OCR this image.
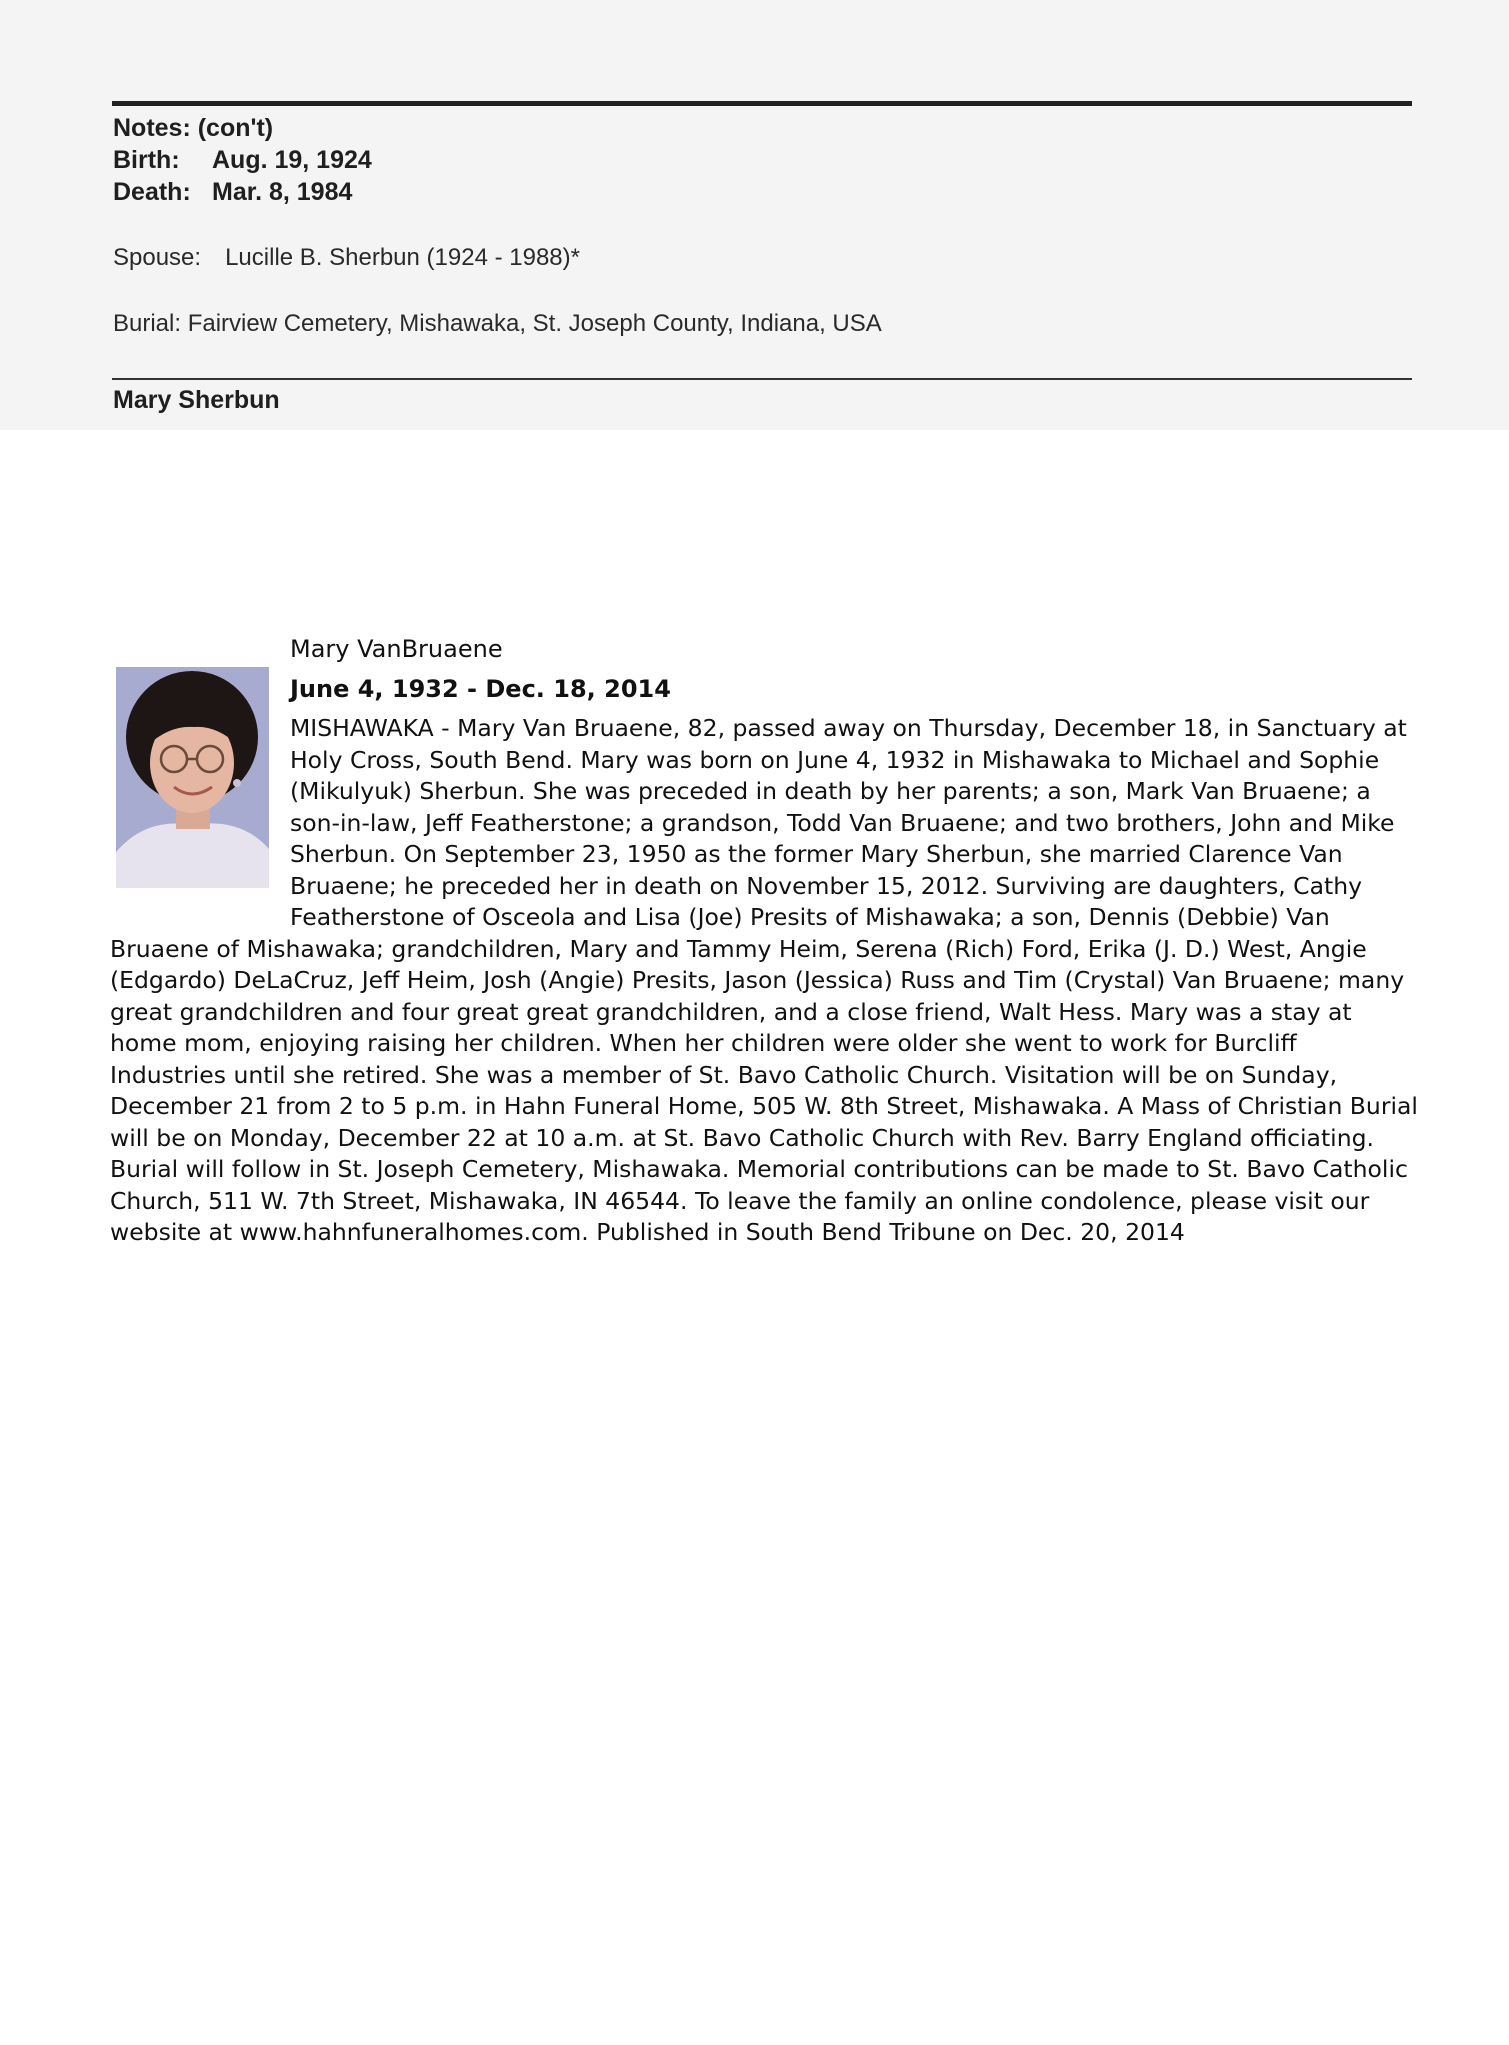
Notes: (con't)
Birth: Aug. 19, 1924
Death: Mar. 8, 1984
Spouse: Lucille B. Sherbun (1924 - 1988)*
Burial: Fairview Cemetery, Mishawaka, St. Joseph County, Indiana, USA
Mary Sherbun
Mary VanBruaene
June 4, 1932 - Dec. 18, 2014

MISHAWAKA - Mary Van Bruaene, 82, passed away on Thursday, December 18, in Sanctuary at Holy Cross, South Bend. Mary was born on June 4, 1932 in Mishawaka to Michael and Sophie (Mikulyuk) Sherbun. She was preceded in death by her parents; a son, Mark Van Bruaene; a son-in-law, Jeff Featherstone; a grandson, Todd Van Bruaene; and two brothers, John and Mike Sherbun. On September 23, 1950 as the former Mary Sherbun, she married Clarence Van Bruaene; he preceded her in death on November 15, 2012. Surviving are daughters, Cathy Featherstone of Osceola and Lisa (Joe) Presits of Mishawaka; a son, Dennis (Debbie) Van Bruaene of Mishawaka; grandchildren, Mary and Tammy Heim, Serena (Rich) Ford, Erika (J. D.) West, Angie (Edgardo) DeLaCruz, Jeff Heim, Josh (Angie) Presits, Jason (Jessica) Russ and Tim (Crystal) Van Bruaene; many great grandchildren and four great great grandchildren, and a close friend, Walt Hess. Mary was a stay at home mom, enjoying raising her children. When her children were older she went to work for Burcliff Industries until she retired. She was a member of St. Bavo Catholic Church. Visitation will be on Sunday, December 21 from 2 to 5 p.m. in Hahn Funeral Home, 505 W. 8th Street, Mishawaka. A Mass of Christian Burial will be on Monday, December 22 at 10 a.m. at St. Bavo Catholic Church with Rev. Barry England officiating. Burial will follow in St. Joseph Cemetery, Mishawaka. Memorial contributions can be made to St. Bavo Catholic Church, 511 W. 7th Street, Mishawaka, IN 46544. To leave the family an online condolence, please visit our website at www.hahnfuneralhomes.com. Published in South Bend Tribune on Dec. 20, 2014
